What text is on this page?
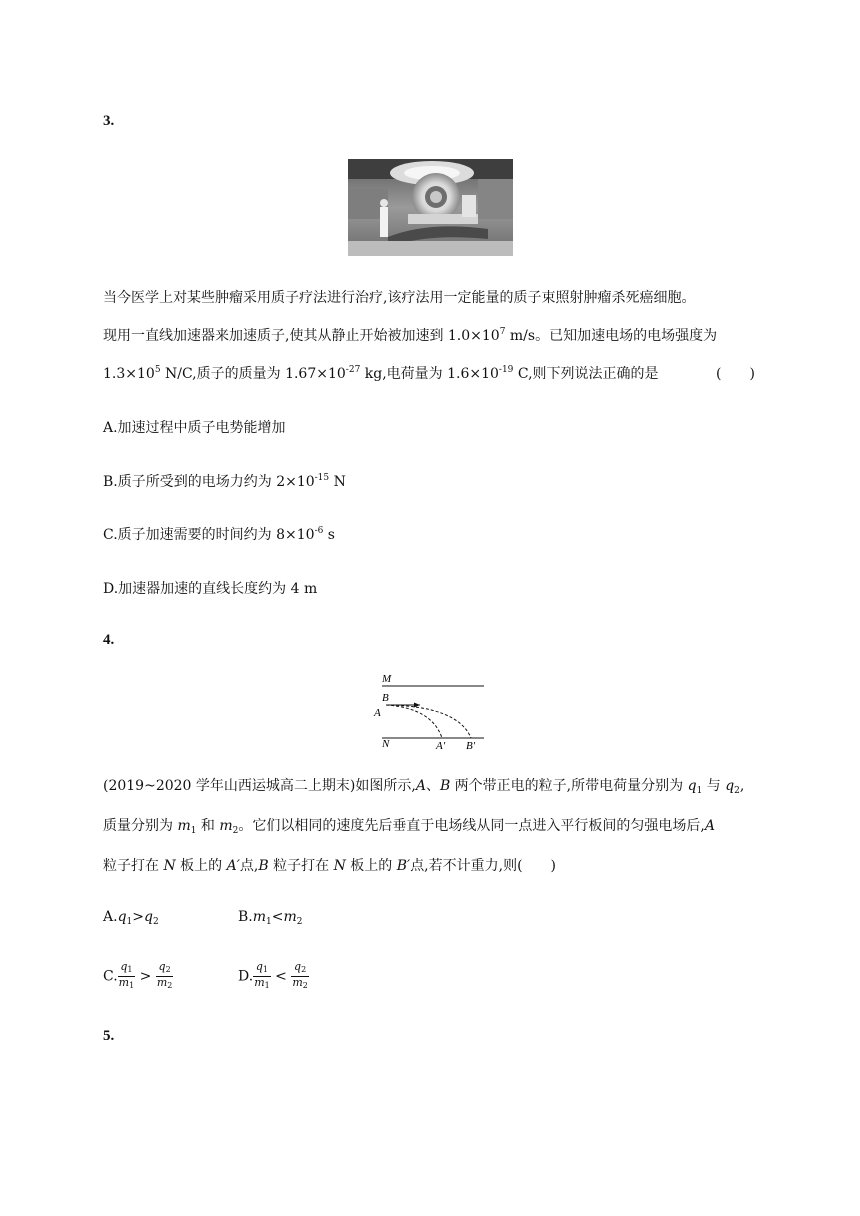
3.
当今医学上对某些肿瘤采用质子疗法进行治疗,该疗法用一定能量的质子束照射肿瘤杀死癌细胞。
现用一直线加速器来加速质子,使其从静止开始被加速到 $1.0\times 10^7$ m/s。已知加速电场的电场强度为
$1.3\times 10^5$ N/C,质子的质量为 $1.67\times 10^{-27}$ kg,电荷量为 $1.6\times 10^{-19}$ C,则下列说法正确的是	(　　)
A.加速过程中质子电势能增加
B.质子所受到的电场力约为 $2\times 10^{-15}$ N
C.质子加速需要的时间约为 $8\times 10^{-6}$ s
D.加速器加速的直线长度约为 4 m
4.
M
B
A
N	A′ B′
(2019~2020 学年山西运城高二上期末)如图所示,A、B 两个带正电的粒子,所带电荷量分别为 $q_1$ 与 $q_2$,
质量分别为 $m_1$ 和 $m_2$。它们以相同的速度先后垂直于电场线从同一点进入平行板间的匀强电场后,A
粒子打在 N 板上的 A′点,B 粒子打在 N 板上的 B′点,若不计重力,则(　　)
$A.q_1>q_2$	$B.m_1<m_2$
C. $\frac{q_1}{m_1} > \frac{q_2}{m_2}$	D. $\frac{q_1}{m_1} < \frac{q_2}{m_2}$
5.
